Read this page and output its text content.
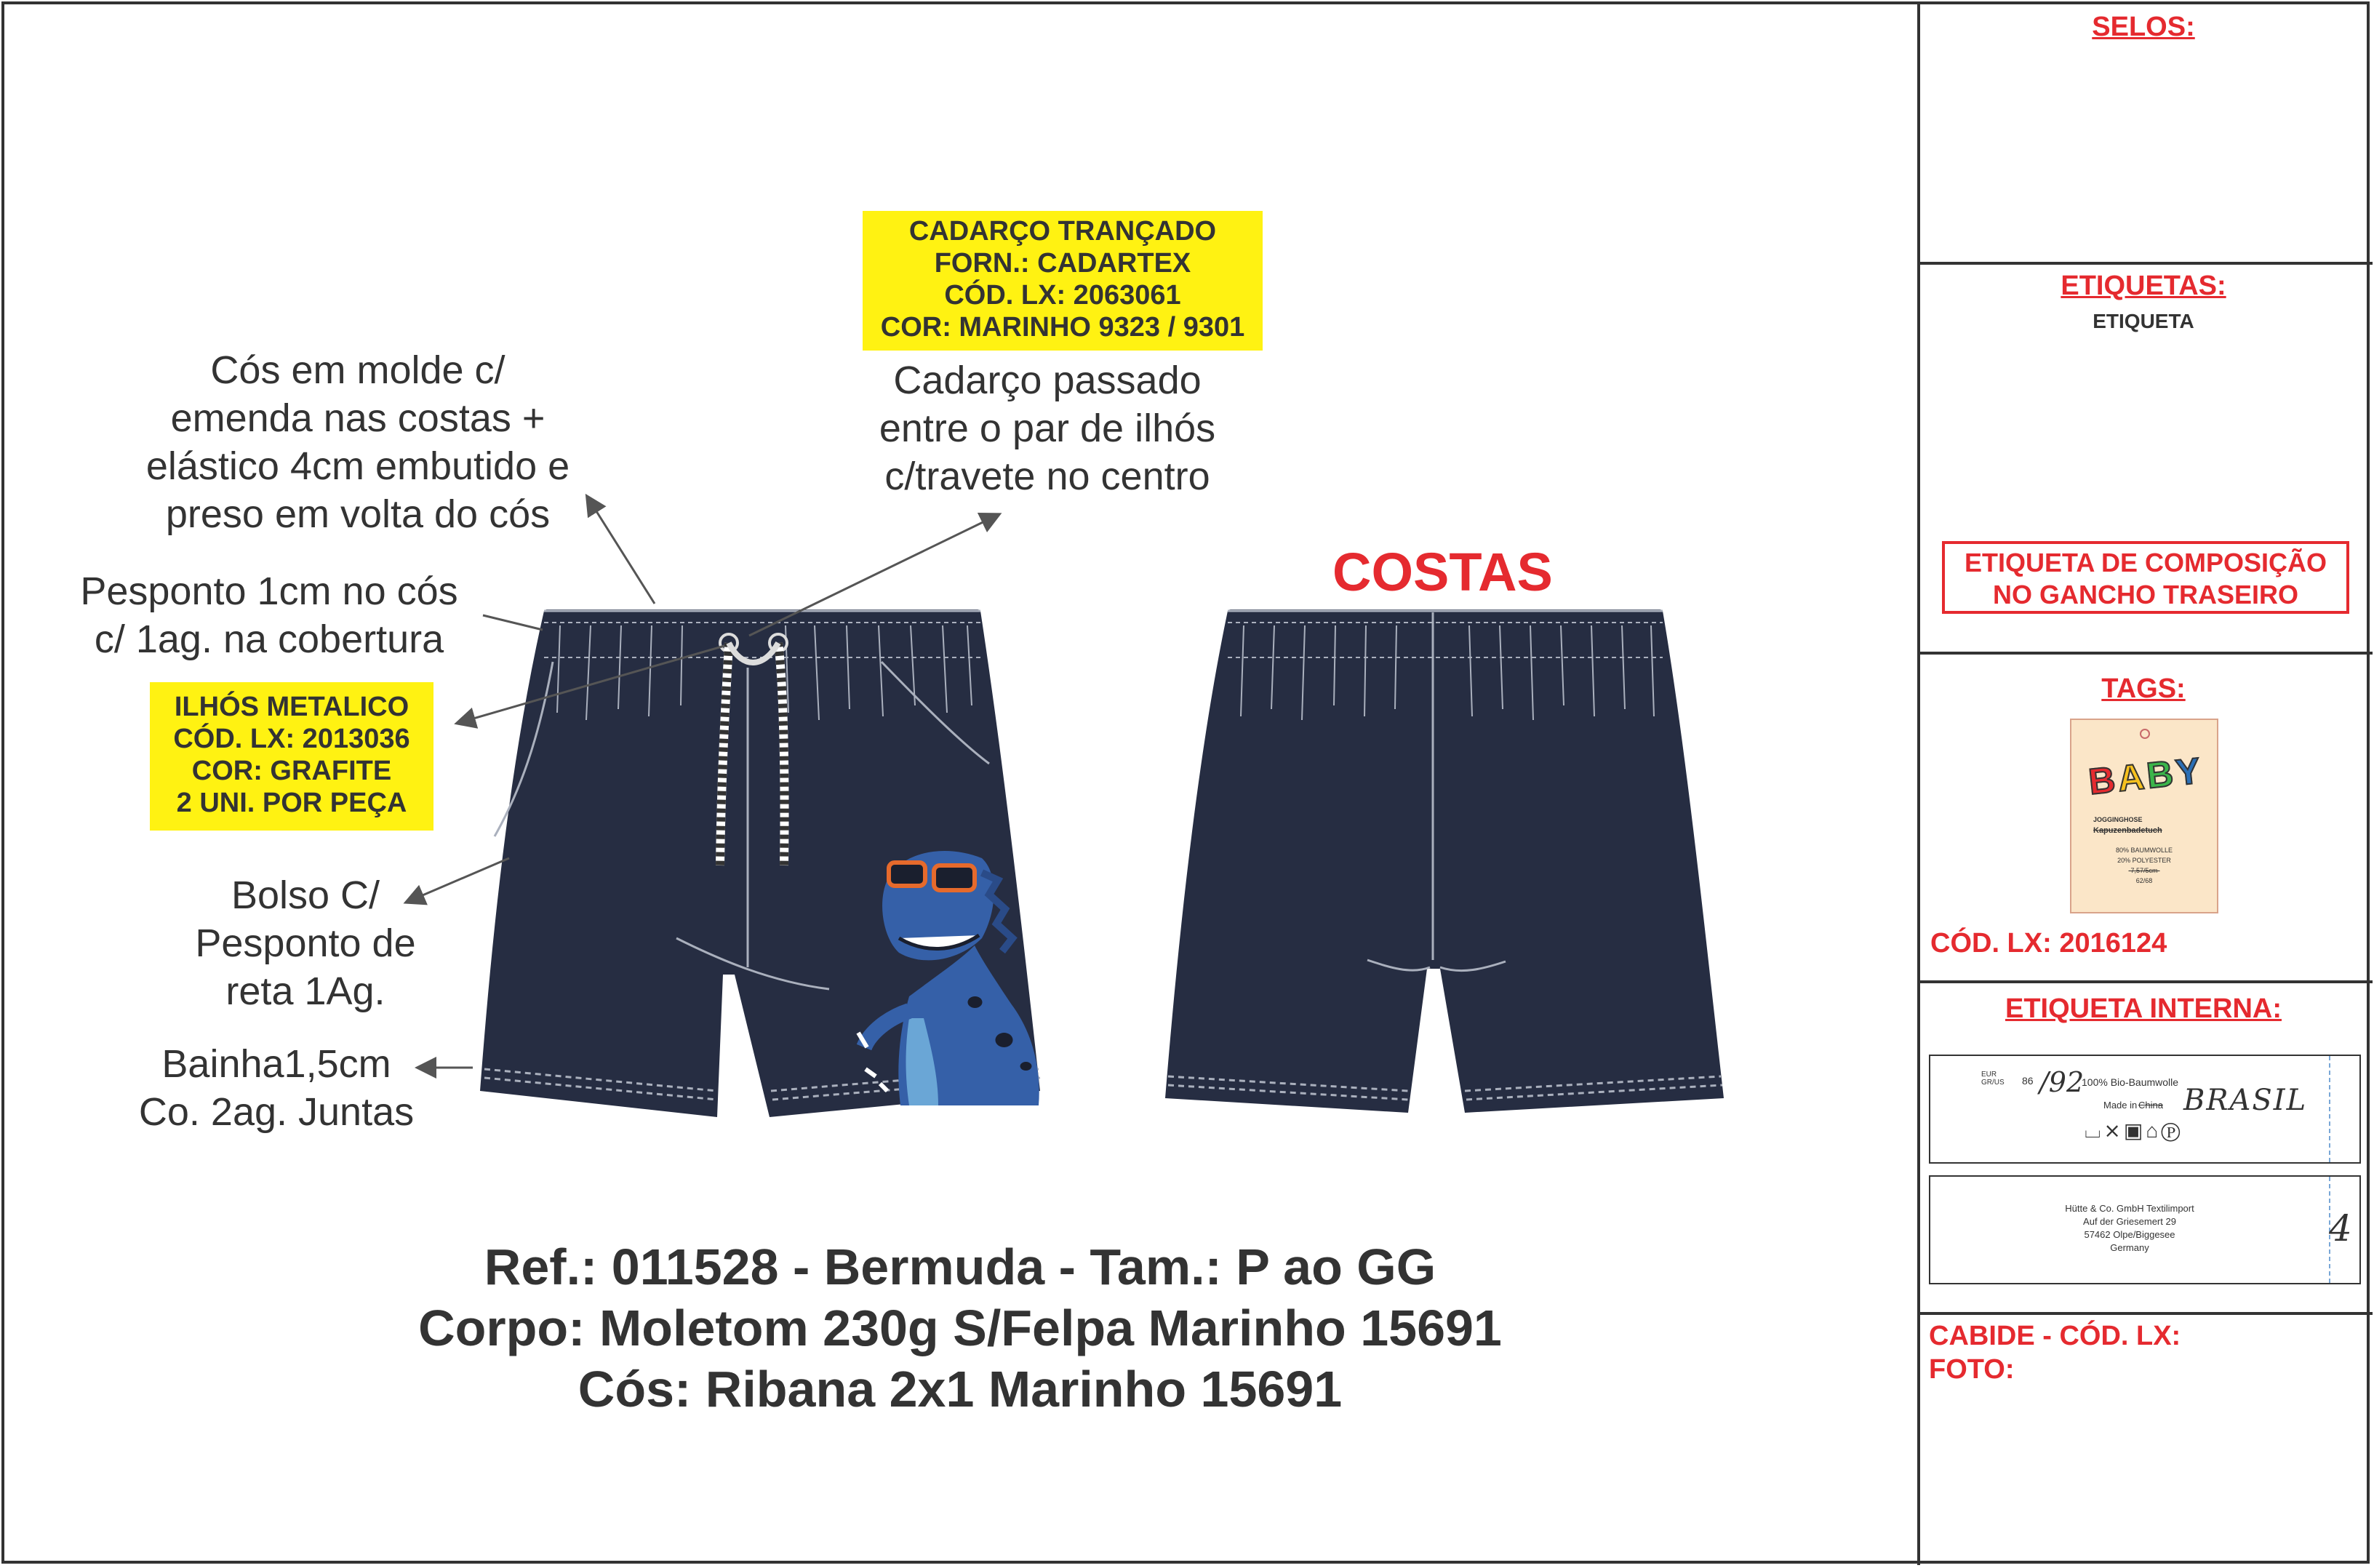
SELOS:
ETIQUETAS:
ETIQUETA
ETIQUETA DE COMPOSIÇÃO
NO GANCHO TRASEIRO
TAGS:
BABY
JOGGINGHOSE
Kapuzenbadetuch
80% BAUMWOLLE
20% POLYESTER
-7,57/5cm-
62/68
CÓD. LX: 2016124
ETIQUETA INTERNA:
EUR GR/US	86 /92
100% Bio-Baumwolle
Made in China BRASIL
⌴⨯▣⌂Ⓟ
Hütte & Co. GmbH Textilimport
Auf der Griesemert 29
57462 Olpe/Biggesee
Germany	4
CABIDE - CÓD. LX:
FOTO:
Cós em molde c/
emenda nas costas +
elástico 4cm embutido e
preso em volta do cós
Pesponto 1cm no cós
c/ 1ag. na cobertura
Cadarço passado
entre o par de ilhós
c/travete no centro
Bolso C/
Pesponto de
reta 1Ag.
Bainha1,5cm
Co. 2ag. Juntas
CADARÇO TRANÇADO
FORN.: CADARTEX
CÓD. LX: 2063061
COR: MARINHO 9323 / 9301
ILHÓS METALICO
CÓD. LX: 2013036
COR: GRAFITE
2 UNI. POR PEÇA
COSTAS
Ref.: 011528 - Bermuda - Tam.: P ao GG
Corpo: Moletom 230g S/Felpa Marinho 15691
Cós: Ribana 2x1 Marinho 15691
